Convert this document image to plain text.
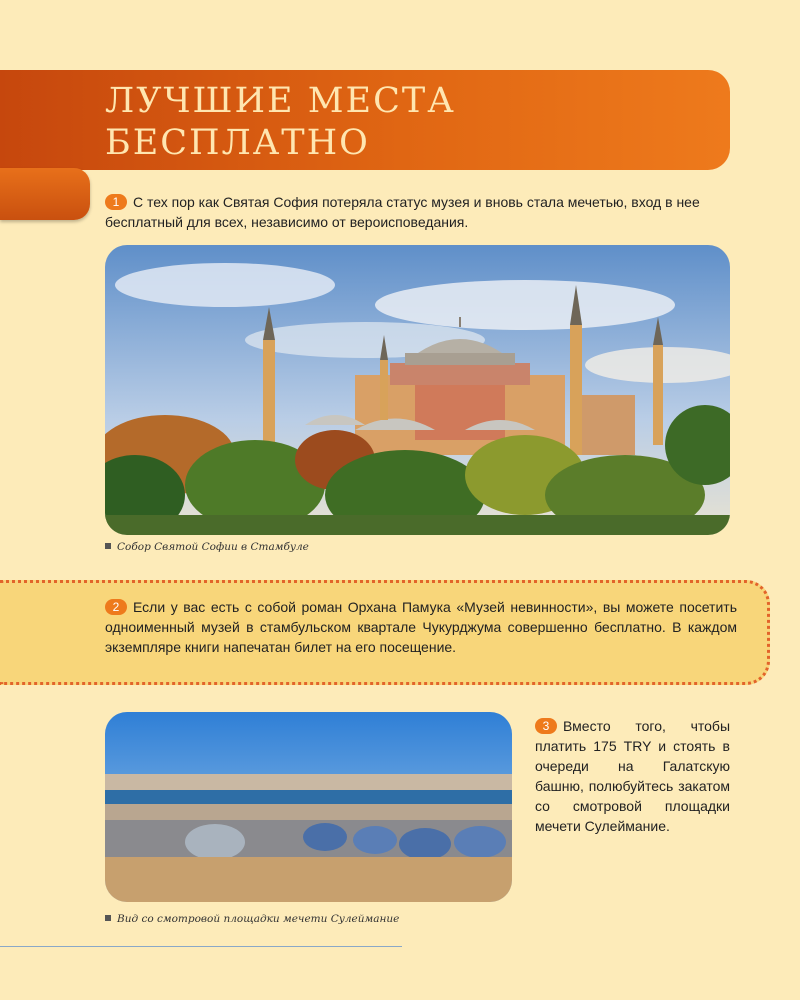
ЛУЧШИЕ МЕСТА
БЕСПЛАТНО

1 С тех пор как Святая София потеряла статус музея и вновь стала мечетью, вход в нее бесплатный для всех, независимо от вероисповедания.

Собор Святой Софии в Стамбуле

2 Если у вас есть с собой роман Орхана Памука «Музей невинности», вы можете посетить одноименный музей в стамбульском квартале Чукурджума совершенно бесплатно. В каждом экземпляре книги напечатан билет на его посещение.

Вид со смотровой площадки мечети Сулеймание

3 Вместо того, чтобы платить 175 TRY и стоять в очереди на Галатскую башню, полюбуйтесь закатом со смотровой площадки мечети Сулеймание.
